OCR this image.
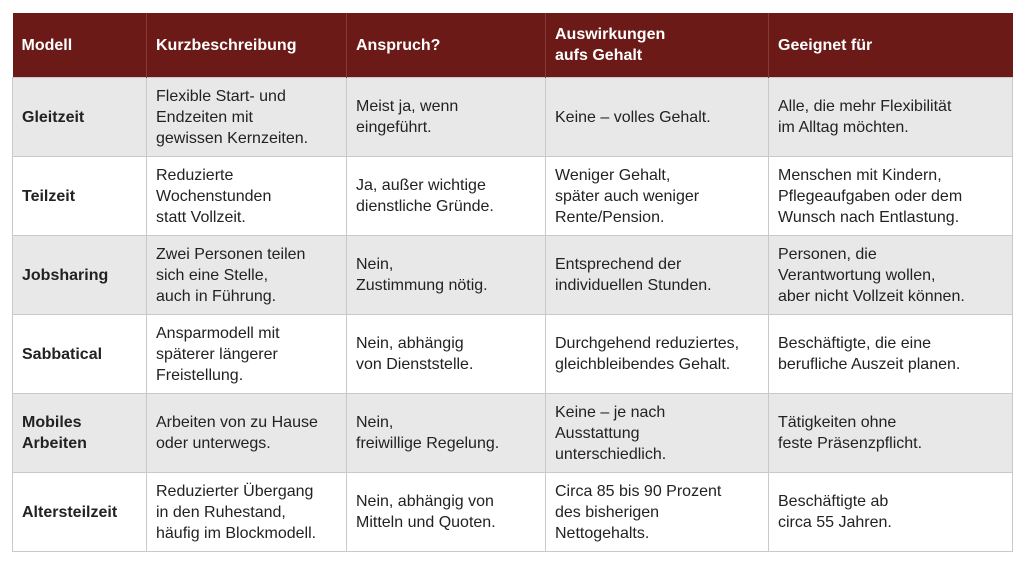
Modell	Kurzbeschreibung	Anspruch?	Auswirkungen
aufs Gehalt	Geeignet für

Gleitzeit	Flexible Start- und
Endzeiten mit
gewissen Kernzeiten.	Meist ja, wenn
eingeführt.	Keine – volles Gehalt.	Alle, die mehr Flexibilität
im Alltag möchten.

Teilzeit	Reduzierte
Wochenstunden
statt Vollzeit.	Ja, außer wichtige
dienstliche Gründe.	Weniger Gehalt,
später auch weniger
Rente/Pension.	Menschen mit Kindern,
Pflegeaufgaben oder dem
Wunsch nach Entlastung.

Jobsharing	Zwei Personen teilen
sich eine Stelle,
auch in Führung.	Nein,
Zustimmung nötig.	Entsprechend der
individuellen Stunden.	Personen, die
Verantwortung wollen,
aber nicht Vollzeit können.

Sabbatical	Ansparmodell mit
späterer längerer
Freistellung.	Nein, abhängig
von Dienststelle.	Durchgehend reduziertes,
gleichbleibendes Gehalt.	Beschäftigte, die eine
berufliche Auszeit planen.

Mobiles
Arbeiten	Arbeiten von zu Hause
oder unterwegs.	Nein,
freiwillige Regelung.	Keine – je nach
Ausstattung
unterschiedlich.	Tätigkeiten ohne
feste Präsenzpflicht.

Altersteilzeit	Reduzierter Übergang
in den Ruhestand,
häufig im Blockmodell.	Nein, abhängig von
Mitteln und Quoten.	Circa 85 bis 90 Prozent
des bisherigen
Nettogehalts.	Beschäftigte ab
circa 55 Jahren.
